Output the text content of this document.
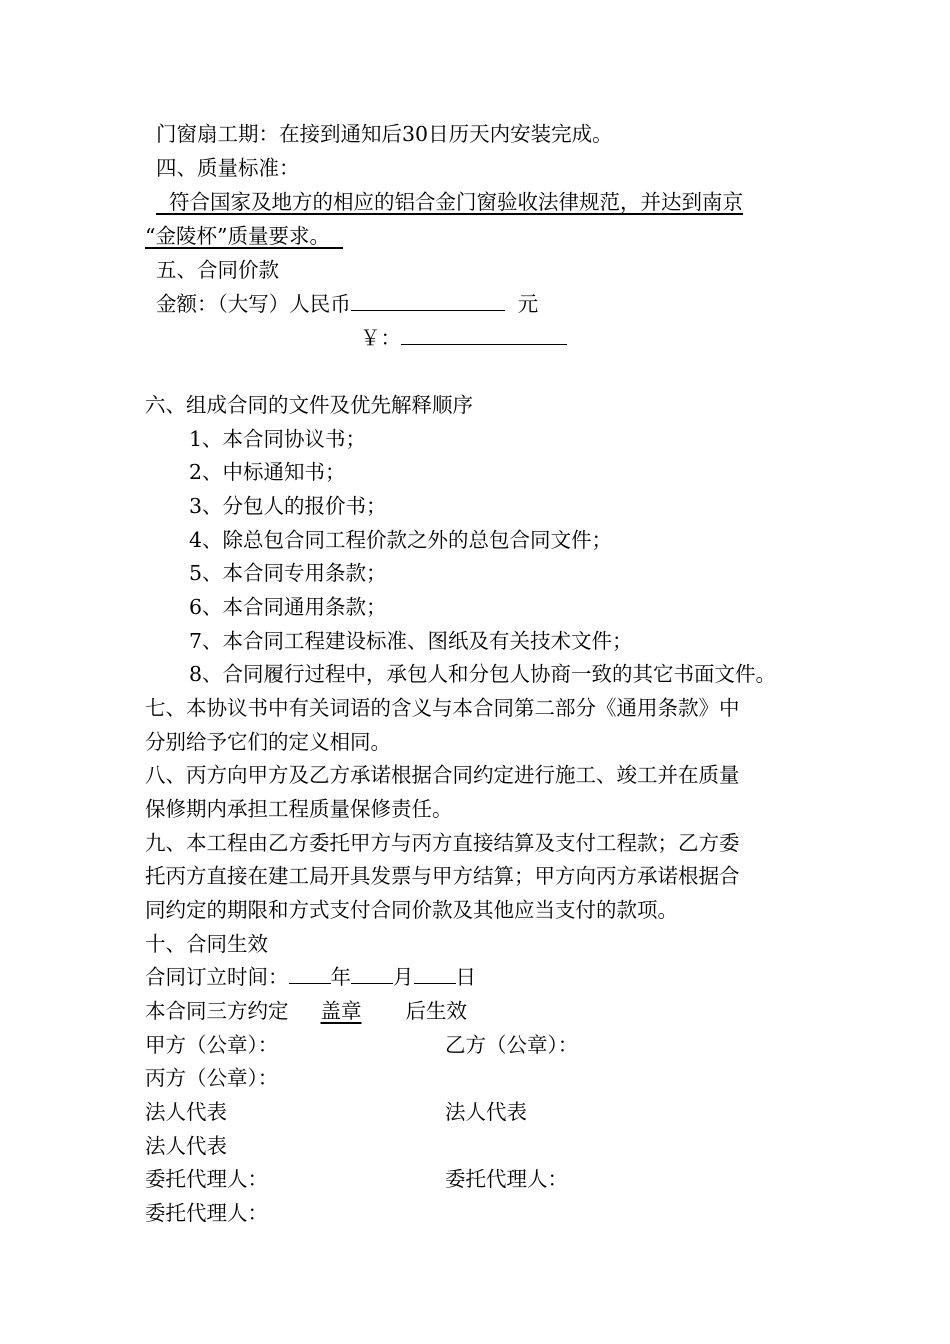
门窗扇工期：在接到通知后30日历天内安装完成。
四、质量标准：
符合国家及地方的相应的铝合金门窗验收法律规范，并达到南京
“金陵杯”质量要求。
五、合同价款
金额：（大写）人民币	元
￥：
六、组成合同的文件及优先解释顺序
1、本合同协议书；
2、中标通知书；
3、分包人的报价书；
4、除总包合同工程价款之外的总包合同文件；
5、本合同专用条款；
6、本合同通用条款；
7、本合同工程建设标准、图纸及有关技术文件；
8、合同履行过程中，承包人和分包人协商一致的其它书面文件。
七、本协议书中有关词语的含义与本合同第二部分《通用条款》中
分别给予它们的定义相同。
八、丙方向甲方及乙方承诺根据合同约定进行施工、竣工并在质量
保修期内承担工程质量保修责任。
九、本工程由乙方委托甲方与丙方直接结算及支付工程款；乙方委
托丙方直接在建工局开具发票与甲方结算；甲方向丙方承诺根据合
同约定的期限和方式支付合同价款及其他应当支付的款项。
十、合同生效
合同订立时间： 年 月 日
本合同三方约定 盖章 后生效
甲方（公章）：	乙方（公章）：
丙方（公章）：
法人代表	法人代表
法人代表
委托代理人：	委托代理人：
委托代理人：
